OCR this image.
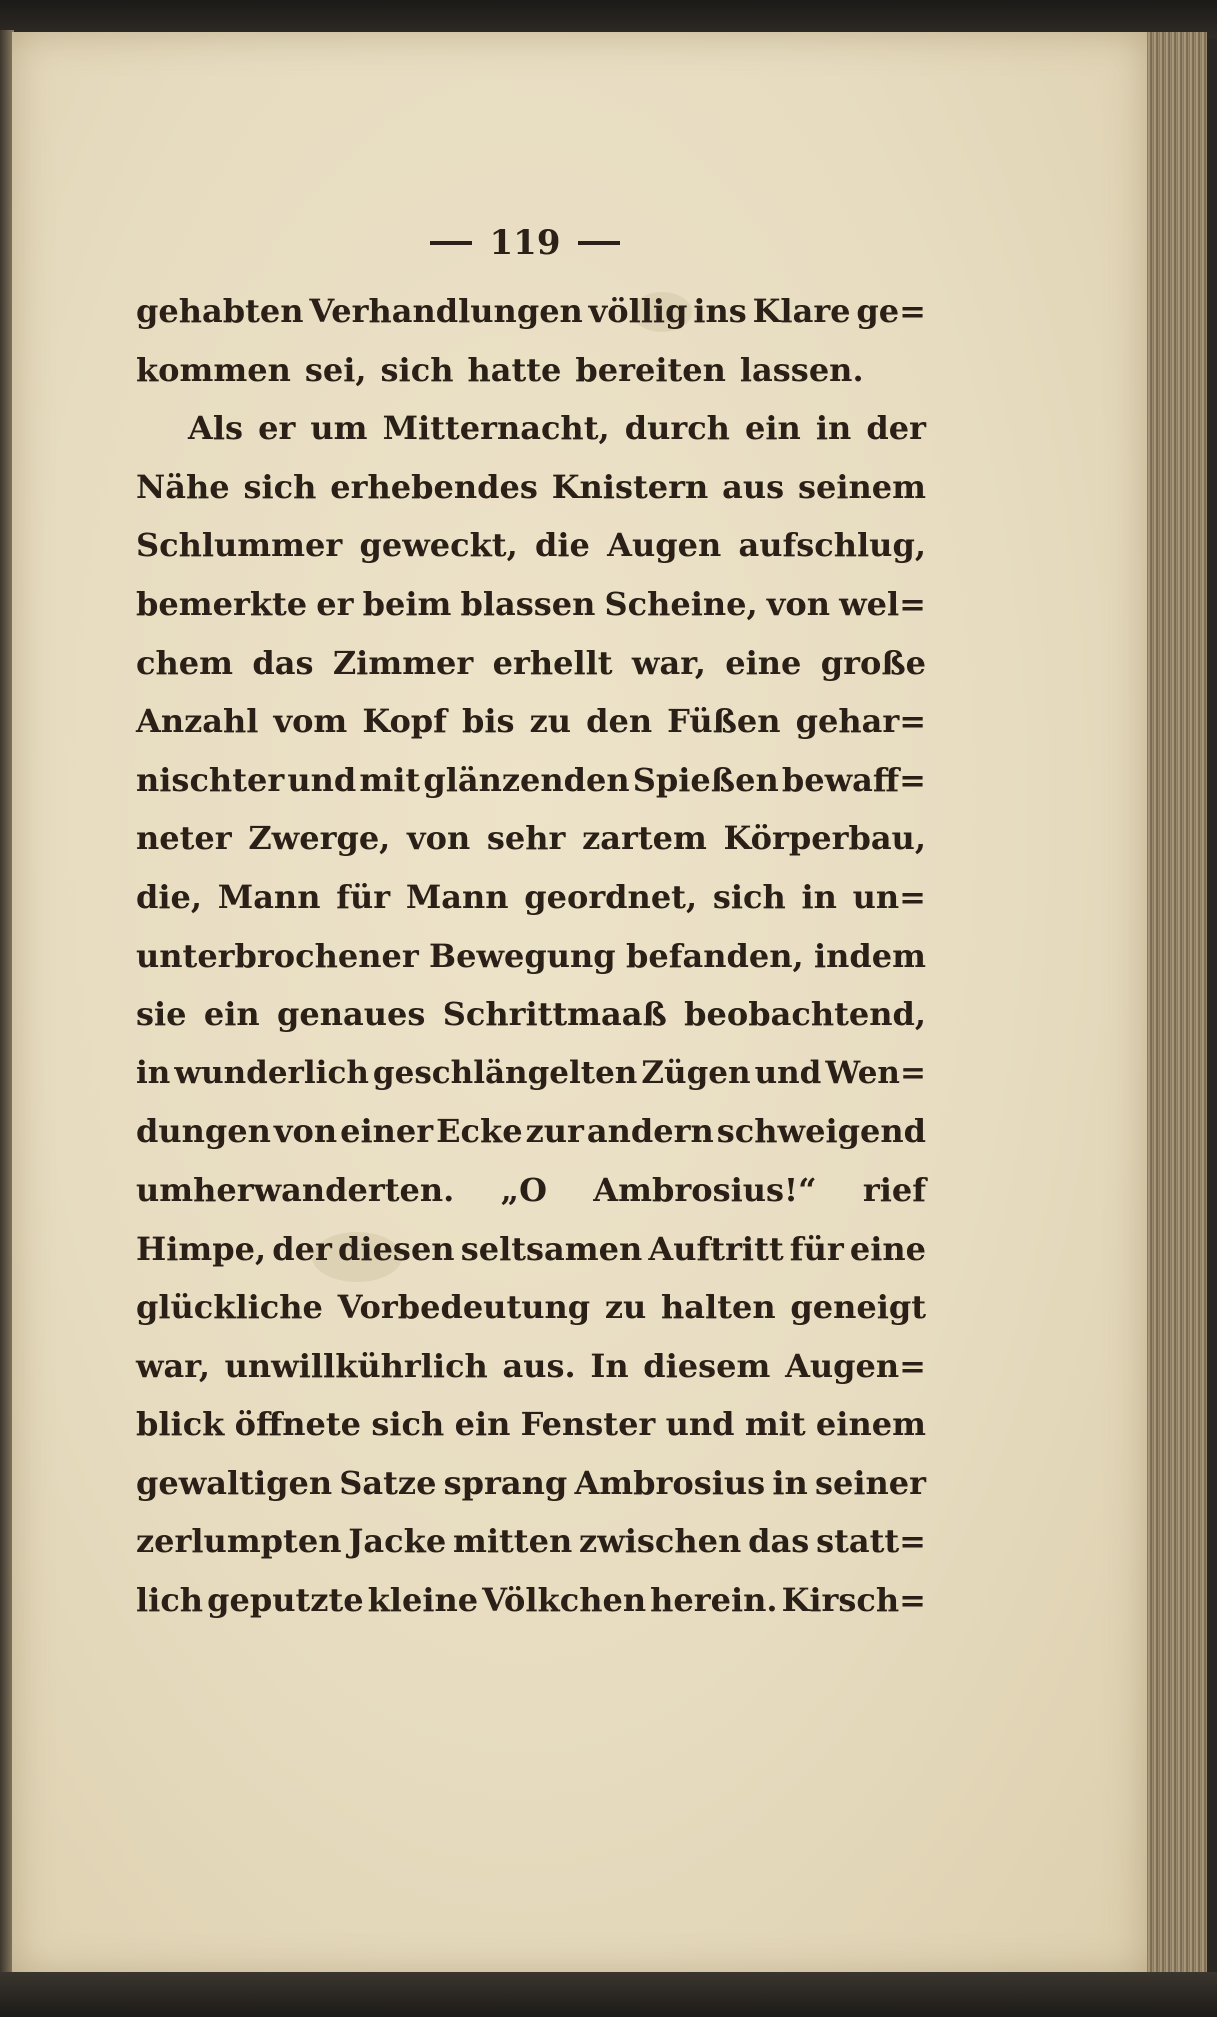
119
gehabten Verhandlungen völlig ins Klare ge=
kommen sei, sich hatte bereiten lassen.
Als er um Mitternacht, durch ein in der
Nähe sich erhebendes Knistern aus seinem
Schlummer geweckt, die Augen aufschlug,
bemerkte er beim blassen Scheine, von wel=
chem das Zimmer erhellt war, eine große
Anzahl vom Kopf bis zu den Füßen gehar=
nischter und mit glänzenden Spießen bewaff=
neter Zwerge, von sehr zartem Körperbau,
die, Mann für Mann geordnet, sich in un=
unterbrochener Bewegung befanden, indem
sie ein genaues Schrittmaaß beobachtend,
in wunderlich geschlängelten Zügen und Wen=
dungen von einer Ecke zur andern schweigend
umherwanderten. „O Ambrosius!“ rief
Himpe, der diesen seltsamen Auftritt für eine
glückliche Vorbedeutung zu halten geneigt
war, unwillkührlich aus. In diesem Augen=
blick öffnete sich ein Fenster und mit einem
gewaltigen Satze sprang Ambrosius in seiner
zerlumpten Jacke mitten zwischen das statt=
lich geputzte kleine Völkchen herein. Kirsch=
